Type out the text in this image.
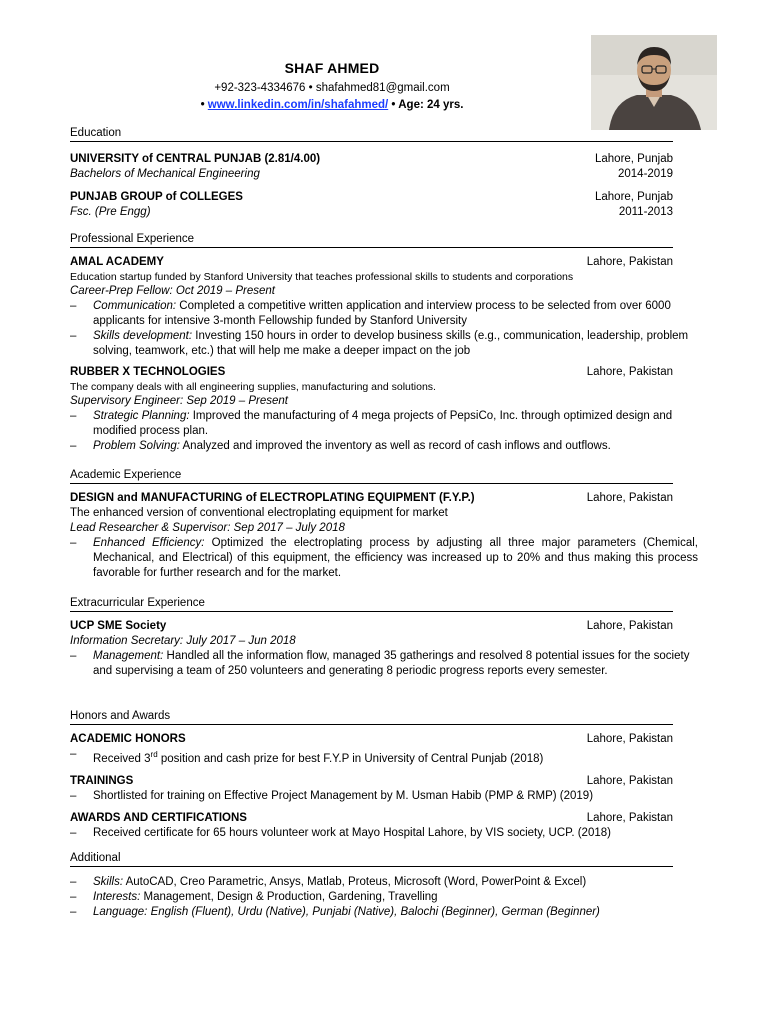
SHAF AHMED
+92-323-4334676 • shafahmed81@gmail.com
• www.linkedin.com/in/shafahmed/ • Age: 24 yrs.
Education
UNIVERSITY of CENTRAL PUNJAB (2.81/4.00)	Lahore, Punjab
Bachelors of Mechanical Engineering	2014-2019
PUNJAB GROUP of COLLEGES	Lahore, Punjab
Fsc. (Pre Engg)	2011-2013
Professional Experience
AMAL ACADEMY	Lahore, Pakistan
Education startup funded by Stanford University that teaches professional skills to students and corporations
Career-Prep Fellow: Oct 2019 – Present
– Communication: Completed a competitive written application and interview process to be selected from over 6000 applicants for intensive 3-month Fellowship funded by Stanford University
– Skills development: Investing 150 hours in order to develop business skills (e.g., communication, leadership, problem solving, teamwork, etc.) that will help me make a deeper impact on the job
RUBBER X TECHNOLOGIES	Lahore, Pakistan
The company deals with all engineering supplies, manufacturing and solutions.
Supervisory Engineer: Sep 2019 – Present
– Strategic Planning: Improved the manufacturing of 4 mega projects of PepsiCo, Inc. through optimized design and modified process plan.
– Problem Solving: Analyzed and improved the inventory as well as record of cash inflows and outflows.
Academic Experience
DESIGN and MANUFACTURING of ELECTROPLATING EQUIPMENT (F.Y.P.)	Lahore, Pakistan
The enhanced version of conventional electroplating equipment for market
Lead Researcher & Supervisor: Sep 2017 – July 2018
– Enhanced Efficiency: Optimized the electroplating process by adjusting all three major parameters (Chemical, Mechanical, and Electrical) of this equipment, the efficiency was increased up to 20% and thus making this process favorable for further research and for the market.
Extracurricular Experience
UCP SME Society	Lahore, Pakistan
Information Secretary: July 2017 – Jun 2018
– Management: Handled all the information flow, managed 35 gatherings and resolved 8 potential issues for the society and supervising a team of 250 volunteers and generating 8 periodic progress reports every semester.
Honors and Awards
ACADEMIC HONORS	Lahore, Pakistan
– Received 3rd position and cash prize for best F.Y.P in University of Central Punjab (2018)
TRAININGS	Lahore, Pakistan
– Shortlisted for training on Effective Project Management by M. Usman Habib (PMP & RMP) (2019)
AWARDS AND CERTIFICATIONS	Lahore, Pakistan
– Received certificate for 65 hours volunteer work at Mayo Hospital Lahore, by VIS society, UCP. (2018)
Additional
– Skills: AutoCAD, Creo Parametric, Ansys, Matlab, Proteus, Microsoft (Word, PowerPoint & Excel)
– Interests: Management, Design & Production, Gardening, Travelling
– Language: English (Fluent), Urdu (Native), Punjabi (Native), Balochi (Beginner), German (Beginner)
